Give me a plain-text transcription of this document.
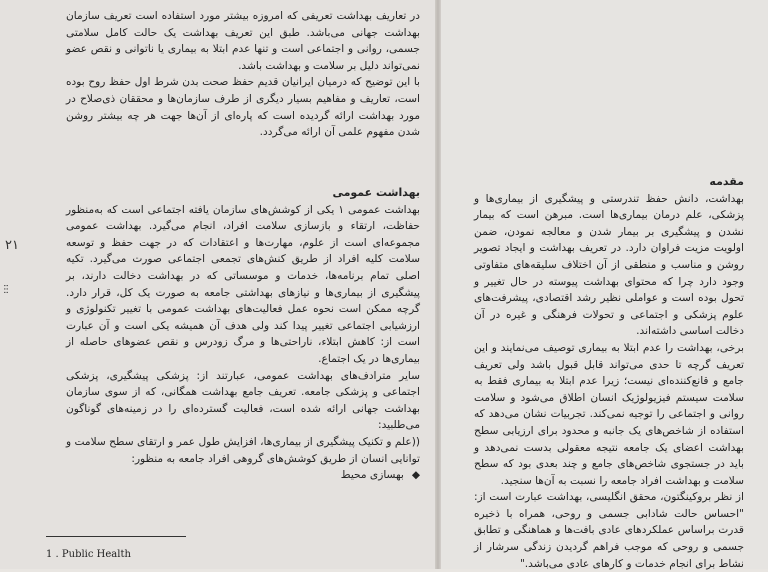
در تعاریف بهداشت تعریفی که امروزه بیشتر مورد استفاده است تعریف سازمان بهداشت جهانی می‌باشد. طبق این تعریف بهداشت یک حالت کامل سلامتی جسمی، روانی و اجتماعی است و تنها عدم ابتلا به بیماری یا ناتوانی و نقص عضو نمی‌تواند دلیل بر سلامت و بهداشت باشد.

با این توضیح که درمیان ایرانیان قدیم حفظ صحت بدن شرط اول حفظ روح بوده است، تعاریف و مفاهیم بسیار دیگری از طرف سازمان‌ها و محققان ذی‌صلاح در مورد بهداشت ارائه گردیده است که پاره‌ای از آن‌ها جهت هر چه بیشتر روشن شدن مفهوم علمی آن ارائه می‌گردد.

بهداشت عمومی

بهداشت عمومی ۱ یکی از کوشش‌های سازمان یافته اجتماعی است که به‌منظور حفاظت، ارتقاء و بازسازی سلامت افراد، انجام می‌گیرد. بهداشت عمومی مجموعه‌ای است از علوم، مهارت‌ها و اعتقادات که در جهت حفظ و توسعه سلامت کلیه افراد از طریق کنش‌های تجمعی اجتماعی صورت می‌گیرد. تکیه اصلی تمام برنامه‌ها، خدمات و موسساتی که در بهداشت دخالت دارند، بر پیشگیری از بیماری‌ها و نیازهای بهداشتی جامعه به صورت یک کل، قرار دارد. گرچه ممکن است نحوه عمل فعالیت‌های بهداشت عمومی با تغییر تکنولوژی و ارزشیابی اجتماعی تغییر پیدا کند ولی هدف آن همیشه یکی است و آن عبارت است از: کاهش ابتلاء، ناراحتی‌ها و مرگ زودرس و نقص عضوهای حاصله از بیماری‌ها در یک اجتماع.

سایر مترادف‌های بهداشت عمومی، عبارتند از: پزشکی پیشگیری، پزشکی اجتماعی و پزشکی جامعه. تعریف جامع بهداشت همگانی، که از سوی سازمان بهداشت جهانی ارائه شده است، فعالیت گسترده‌ای را در زمینه‌های گوناگون می‌طلبید:

((علم و تکنیک پیشگیری از بیماری‌ها، افزایش طول عمر و ارتقای سطح سلامت و توانایی انسان از طریق کوشش‌های گروهی افراد جامعه به منظور:

◆بهسازی محیط

۲۱
ⵗⵗ
1 . Public Health

مقدمه

بهداشت، دانش حفظ تندرستی و پیشگیری از بیماری‌ها و پزشکی، علم درمان بیماری‌ها است. مبرهن است که بیمار نشدن و پیشگیری بر بیمار شدن و معالجه نمودن، ضمن اولویت مزیت فراوان دارد. در تعریف بهداشت و ایجاد تصویر روشن و مناسب و منطقی از آن اختلاف سلیقه‌های متفاوتی وجود دارد چرا که محتوای بهداشت پیوسته در حال تغییر و تحول بوده است و عواملی نظیر رشد اقتصادی، پیشرفت‌های علوم پزشکی و اجتماعی و تحولات فرهنگی و غیره در آن دخالت اساسی داشته‌اند.

برخی، بهداشت را عدم ابتلا به بیماری توصیف می‌نمایند و این تعریف گرچه تا حدی می‌تواند قابل قبول باشد ولی تعریف جامع و قانع‌کننده‌ای نیست؛ زیرا عدم ابتلا به بیماری فقط به سلامت سیستم فیزیولوژیک انسان اطلاق می‌شود و سلامت روانی و اجتماعی را توجیه نمی‌کند. تجربیات نشان می‌دهد که استفاده از شاخص‌های یک جانبه و محدود برای ارزیابی سطح بهداشت اعضای یک جامعه نتیجه معقولی بدست نمی‌دهد و باید در جستجوی شاخص‌های جامع و چند بعدی بود که سطح سلامت و بهداشت افراد جامعه را نسبت به آن‌ها سنجید.

از نظر بروکینگتون، محقق انگلیسی، بهداشت عبارت است از: "احساس حالت شادابی جسمی و روحی، همراه با ذخیره قدرت براساس عملکردهای عادی بافت‌ها و هماهنگی و تطابق جسمی و روحی که موجب فراهم گردیدن زندگی سرشار از نشاط برای انجام خدمات و کارهای عادی می‌باشد."
